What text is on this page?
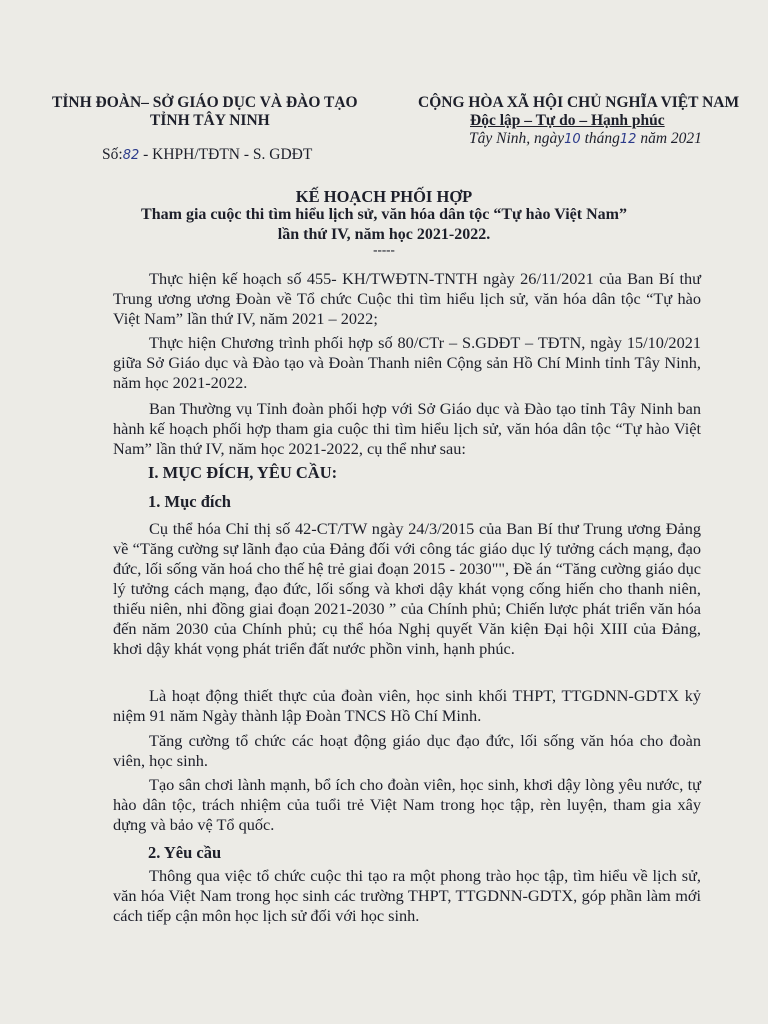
TỈNH ĐOÀN– SỞ GIÁO DỤC VÀ ĐÀO TẠO
TỈNH TÂY NINH
Số:82 - KHPH/TĐTN - S. GDĐT
CỘNG HÒA XÃ HỘI CHỦ NGHĨA VIỆT NAM
Độc lập – Tự do – Hạnh phúc
Tây Ninh, ngày10 tháng12 năm 2021
KẾ HOẠCH PHỐI HỢP
Tham gia cuộc thi tìm hiểu lịch sử, văn hóa dân tộc “Tự hào Việt Nam”
lần thứ IV, năm học 2021-2022.
-----
Thực hiện kế hoạch số 455- KH/TWĐTN-TNTH ngày 26/11/2021 của Ban Bí thư Trung ương ương Đoàn về Tổ chức Cuộc thi tìm hiểu lịch sử, văn hóa dân tộc “Tự hào Việt Nam” lần thứ IV, năm 2021 – 2022;
Thực hiện Chương trình phối hợp số 80/CTr – S.GDĐT – TĐTN, ngày 15/10/2021 giữa Sở Giáo dục và Đào tạo và Đoàn Thanh niên Cộng sản Hồ Chí Minh tỉnh Tây Ninh, năm học 2021-2022.
Ban Thường vụ Tỉnh đoàn phối hợp với Sở Giáo dục và Đào tạo tỉnh Tây Ninh ban hành kế hoạch phối hợp tham gia cuộc thi tìm hiểu lịch sử, văn hóa dân tộc “Tự hào Việt Nam” lần thứ IV, năm học 2021-2022, cụ thể như sau:
I. MỤC ĐÍCH, YÊU CẦU:
1. Mục đích
Cụ thể hóa Chỉ thị số 42-CT/TW ngày 24/3/2015 của Ban Bí thư Trung ương Đảng về “Tăng cường sự lãnh đạo của Đảng đối với công tác giáo dục lý tưởng cách mạng, đạo đức, lối sống văn hoá cho thế hệ trẻ giai đoạn 2015 - 2030"", Đề án “Tăng cường giáo dục lý tưởng cách mạng, đạo đức, lối sống và khơi dậy khát vọng cống hiến cho thanh niên, thiếu niên, nhi đồng giai đoạn 2021-2030 ” của Chính phủ; Chiến lược phát triển văn hóa đến năm 2030 của Chính phủ; cụ thể hóa Nghị quyết Văn kiện Đại hội XIII của Đảng, khơi dậy khát vọng phát triển đất nước phồn vinh, hạnh phúc.
Là hoạt động thiết thực của đoàn viên, học sinh khối THPT, TTGDNN-GDTX kỷ niệm 91 năm Ngày thành lập Đoàn TNCS Hồ Chí Minh.
Tăng cường tổ chức các hoạt động giáo dục đạo đức, lối sống văn hóa cho đoàn viên, học sinh.
Tạo sân chơi lành mạnh, bổ ích cho đoàn viên, học sinh, khơi dậy lòng yêu nước, tự hào dân tộc, trách nhiệm của tuổi trẻ Việt Nam trong học tập, rèn luyện, tham gia xây dựng và bảo vệ Tổ quốc.
2. Yêu cầu
Thông qua việc tổ chức cuộc thi tạo ra một phong trào học tập, tìm hiểu về lịch sử, văn hóa Việt Nam trong học sinh các trường THPT, TTGDNN-GDTX, góp phần làm mới cách tiếp cận môn học lịch sử đối với học sinh.
